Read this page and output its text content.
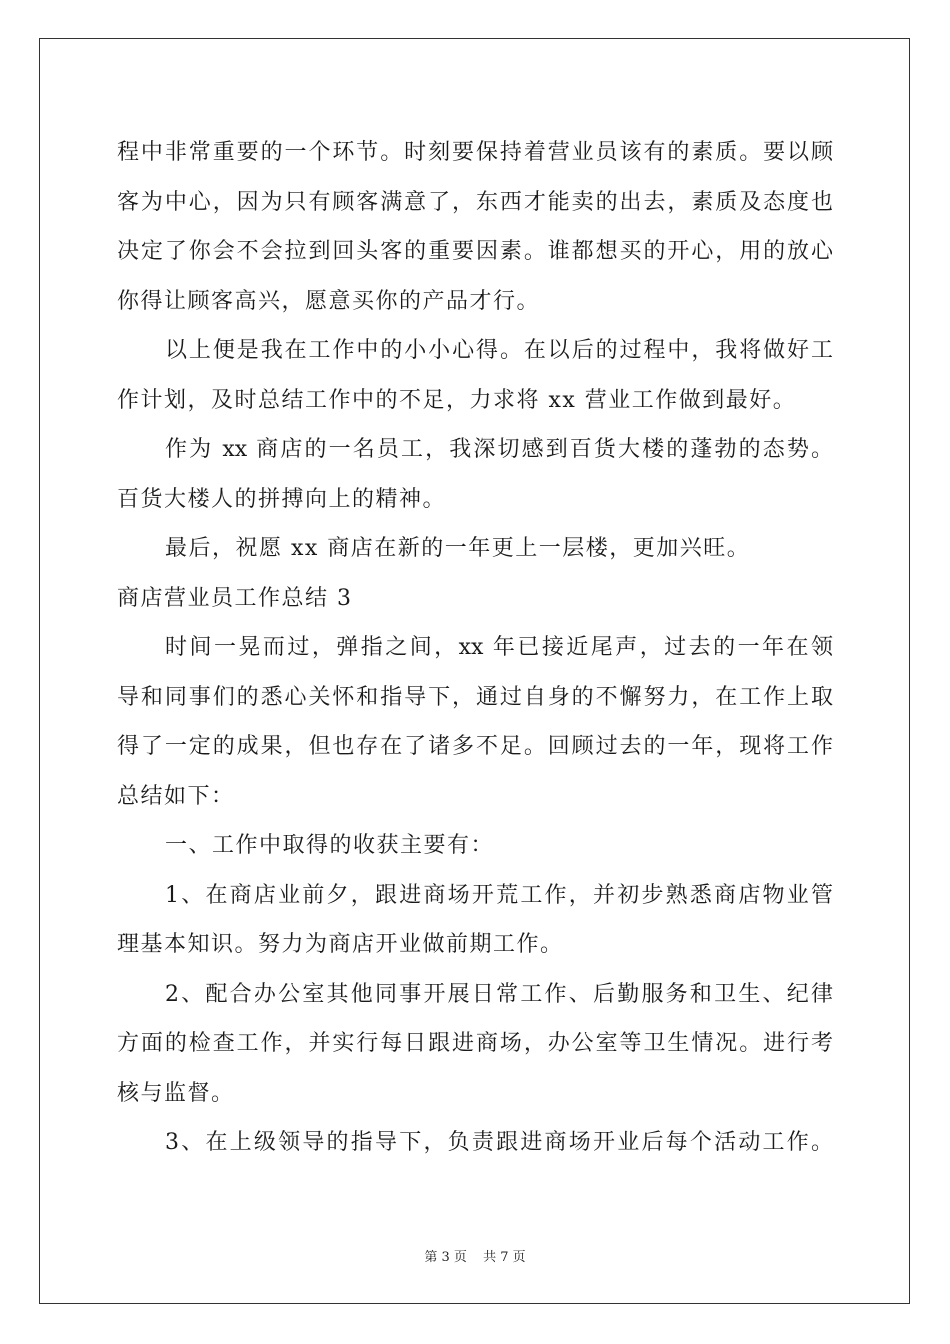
程中非常重要的一个环节。时刻要保持着营业员该有的素质。要以顾
客为中心，因为只有顾客满意了，东西才能卖的出去，素质及态度也
决定了你会不会拉到回头客的重要因素。谁都想买的开心，用的放心
你得让顾客高兴，愿意买你的产品才行。
以上便是我在工作中的小小心得。在以后的过程中，我将做好工
作计划，及时总结工作中的不足，力求将 xx 营业工作做到最好。
作为 xx 商店的一名员工，我深切感到百货大楼的蓬勃的态势。
百货大楼人的拼搏向上的精神。
最后，祝愿 xx 商店在新的一年更上一层楼，更加兴旺。
商店营业员工作总结 3
时间一晃而过，弹指之间，xx 年已接近尾声，过去的一年在领
导和同事们的悉心关怀和指导下，通过自身的不懈努力，在工作上取
得了一定的成果，但也存在了诸多不足。回顾过去的一年，现将工作
总结如下：
一、工作中取得的收获主要有：
1、在商店业前夕，跟进商场开荒工作，并初步熟悉商店物业管
理基本知识。努力为商店开业做前期工作。
2、配合办公室其他同事开展日常工作、后勤服务和卫生、纪律
方面的检查工作，并实行每日跟进商场，办公室等卫生情况。进行考
核与监督。
3、在上级领导的指导下，负责跟进商场开业后每个活动工作。
第 3 页 共 7 页
